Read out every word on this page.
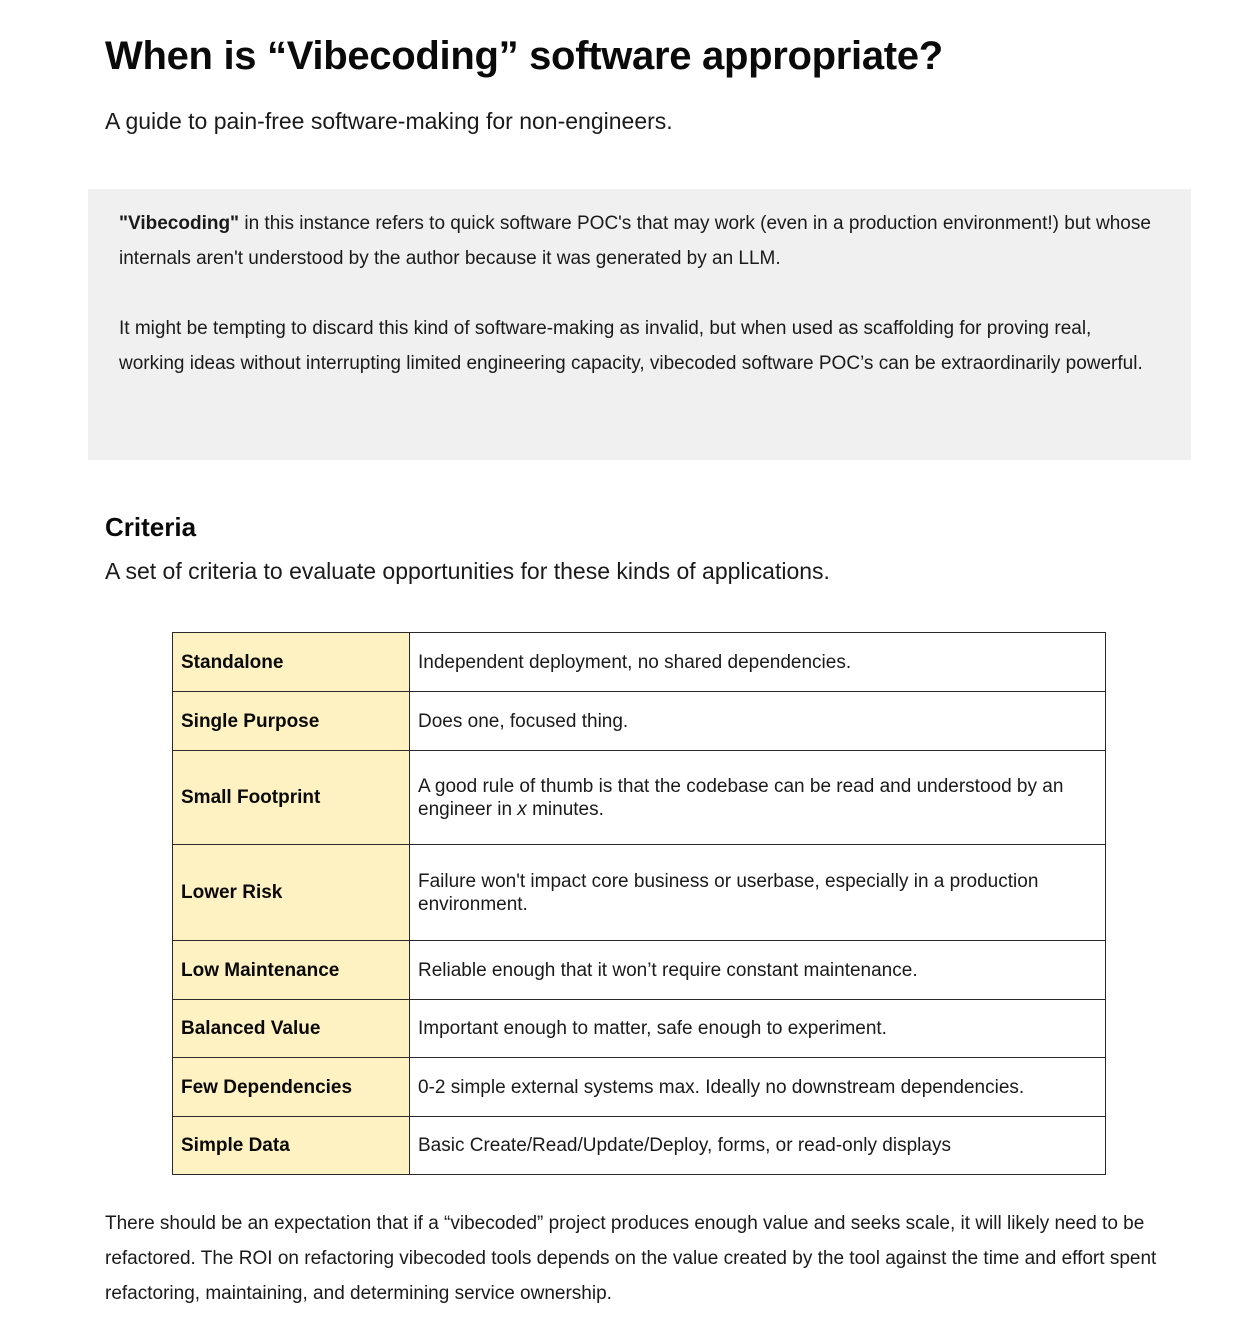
When is “Vibecoding” software appropriate?

A guide to pain-free software-making for non-engineers.

"Vibecoding" in this instance refers to quick software POC's that may work (even in a production environment!) but whose internals aren't understood by the author because it was generated by an LLM.

It might be tempting to discard this kind of software-making as invalid, but when used as scaffolding for proving real, working ideas without interrupting limited engineering capacity, vibecoded software POC’s can be extraordinarily powerful.

Criteria

A set of criteria to evaluate opportunities for these kinds of applications.

Standalone	Independent deployment, no shared dependencies.
Single Purpose	Does one, focused thing.
Small Footprint	A good rule of thumb is that the codebase can be read and understood by an engineer in x minutes.
Lower Risk	Failure won't impact core business or userbase, especially in a production environment.
Low Maintenance	Reliable enough that it won’t require constant maintenance.
Balanced Value	Important enough to matter, safe enough to experiment.
Few Dependencies	0-2 simple external systems max. Ideally no downstream dependencies.
Simple Data	Basic Create/Read/Update/Deploy, forms, or read-only displays

There should be an expectation that if a “vibecoded” project produces enough value and seeks scale, it will likely need to be refactored. The ROI on refactoring vibecoded tools depends on the value created by the tool against the time and effort spent refactoring, maintaining, and determining service ownership.
